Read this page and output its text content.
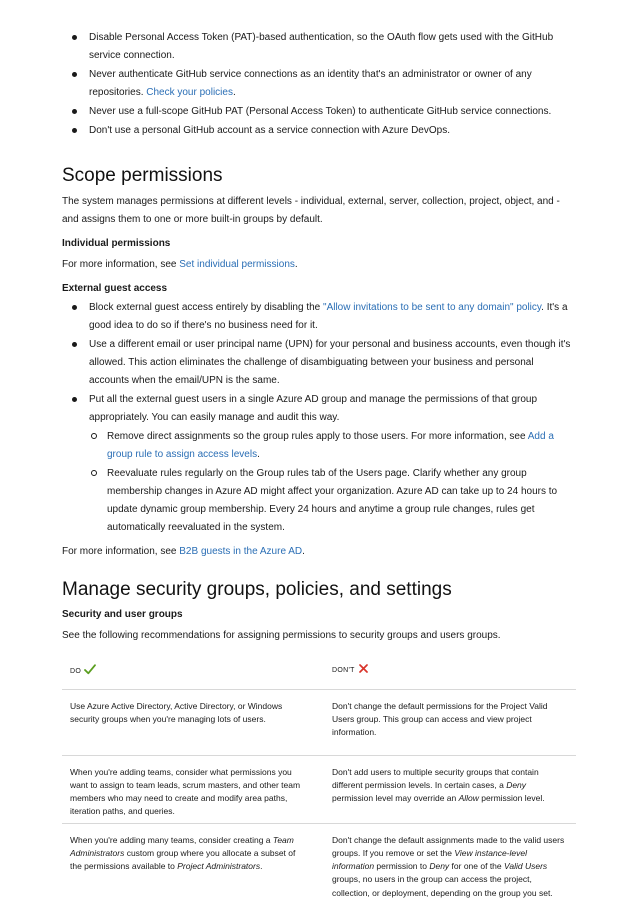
Disable Personal Access Token (PAT)-based authentication, so the OAuth flow gets used with the GitHub service connection.
Never authenticate GitHub service connections as an identity that's an administrator or owner of any repositories. Check your policies.
Never use a full-scope GitHub PAT (Personal Access Token) to authenticate GitHub service connections.
Don't use a personal GitHub account as a service connection with Azure DevOps.
Scope permissions

The system manages permissions at different levels - individual, external, server, collection, project, object, and - and assigns them to one or more built-in groups by default.

Individual permissions

For more information, see Set individual permissions.

External guest access
Block external guest access entirely by disabling the "Allow invitations to be sent to any domain" policy. It's a good idea to do so if there's no business need for it.
Use a different email or user principal name (UPN) for your personal and business accounts, even though it's allowed. This action eliminates the challenge of disambiguating between your business and personal accounts when the email/UPN is the same.
Put all the external guest users in a single Azure AD group and manage the permissions of that group appropriately. You can easily manage and audit this way.
Remove direct assignments so the group rules apply to those users. For more information, see Add a group rule to assign access levels.
Reevaluate rules regularly on the Group rules tab of the Users page. Clarify whether any group membership changes in Azure AD might affect your organization. Azure AD can take up to 24 hours to update dynamic group membership. Every 24 hours and anytime a group rule changes, rules get automatically reevaluated in the system.

For more information, see B2B guests in the Azure AD.

Manage security groups, policies, and settings
Security and user groups

See the following recommendations for assigning permissions to security groups and users groups.

DO	DON'T
Use Azure Active Directory, Active Directory, or Windows security groups when you're managing lots of users.	Don't change the default permissions for the Project Valid Users group. This group can access and view project information.
When you're adding teams, consider what permissions you want to assign to team leads, scrum masters, and other team members who may need to create and modify area paths, iteration paths, and queries.	Don't add users to multiple security groups that contain different permission levels. In certain cases, a Deny permission level may override an Allow permission level.
When you're adding many teams, consider creating a Team Administrators custom group where you allocate a subset of the permissions available to Project Administrators.	Don't change the default assignments made to the valid users groups. If you remove or set the View instance-level information permission to Deny for one of the Valid Users groups, no users in the group can access the project, collection, or deployment, depending on the group you set.
